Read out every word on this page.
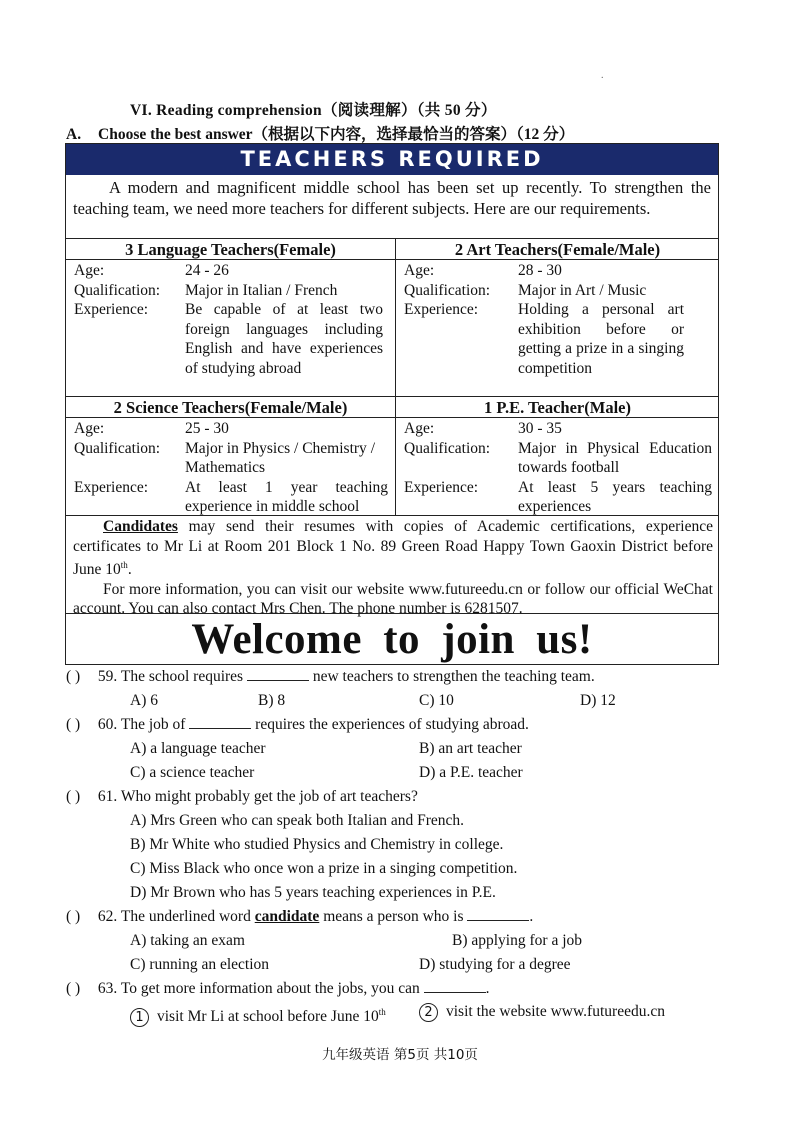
.
VI. Reading comprehension（阅读理解）（共 50 分）
A. Choose the best answer（根据以下内容，选择最恰当的答案）（12 分）
TEACHERS REQUIRED
A modern and magnificent middle school has been set up recently. To strengthen the teaching team, we need more teachers for different subjects. Here are our requirements.
3 Language Teachers(Female)
Age:	24 - 26
Qualification:	Major in Italian / French
Experience:	Be capable of at least two foreign languages including English and have experiences of studying abroad
2 Art Teachers(Female/Male)
Age:	28 - 30
Qualification:	Major in Art / Music
Experience:	Holding a personal art exhibition before or getting a prize in a singing competition
2 Science Teachers(Female/Male)
Age:	25 - 30
Qualification:	Major in Physics / Chemistry / Mathematics
Experience:	At least 1 year teaching experience in middle school
1 P.E. Teacher(Male)
Age:	30 - 35
Qualification:	Major in Physical Education towards football
Experience:	At least 5 years teaching experiences

Candidates may send their resumes with copies of Academic certifications, experience certificates to Mr Li at Room 201 Block 1 No. 89 Green Road Happy Town Gaoxin District before June 10th.

For more information, you can visit our website www.futureedu.cn or follow our official WeChat account. You can also contact Mrs Chen. The phone number is 6281507.

Welcome to join us!
( ) 59. The school requires	new teachers to strengthen the teaching team.
A) 6	B) 8	C) 10	D) 12
( ) 60. The job of	requires the experiences of studying abroad.
A) a language teacher	B) an art teacher
C) a science teacher	D) a P.E. teacher
( ) 61. Who might probably get the job of art teachers?
A) Mrs Green who can speak both Italian and French.
B) Mr White who studied Physics and Chemistry in college.
C) Miss Black who once won a prize in a singing competition.
D) Mr Brown who has 5 years teaching experiences in P.E.
( ) 62. The underlined word candidate means a person who is	.
A) taking an exam	B) applying for a job
C) running an election	D) studying for a degree
( ) 63. To get more information about the jobs, you can	.
1 visit Mr Li at school before June 10th	2 visit the website www.futureedu.cn
九年级英语 第5页 共10页
